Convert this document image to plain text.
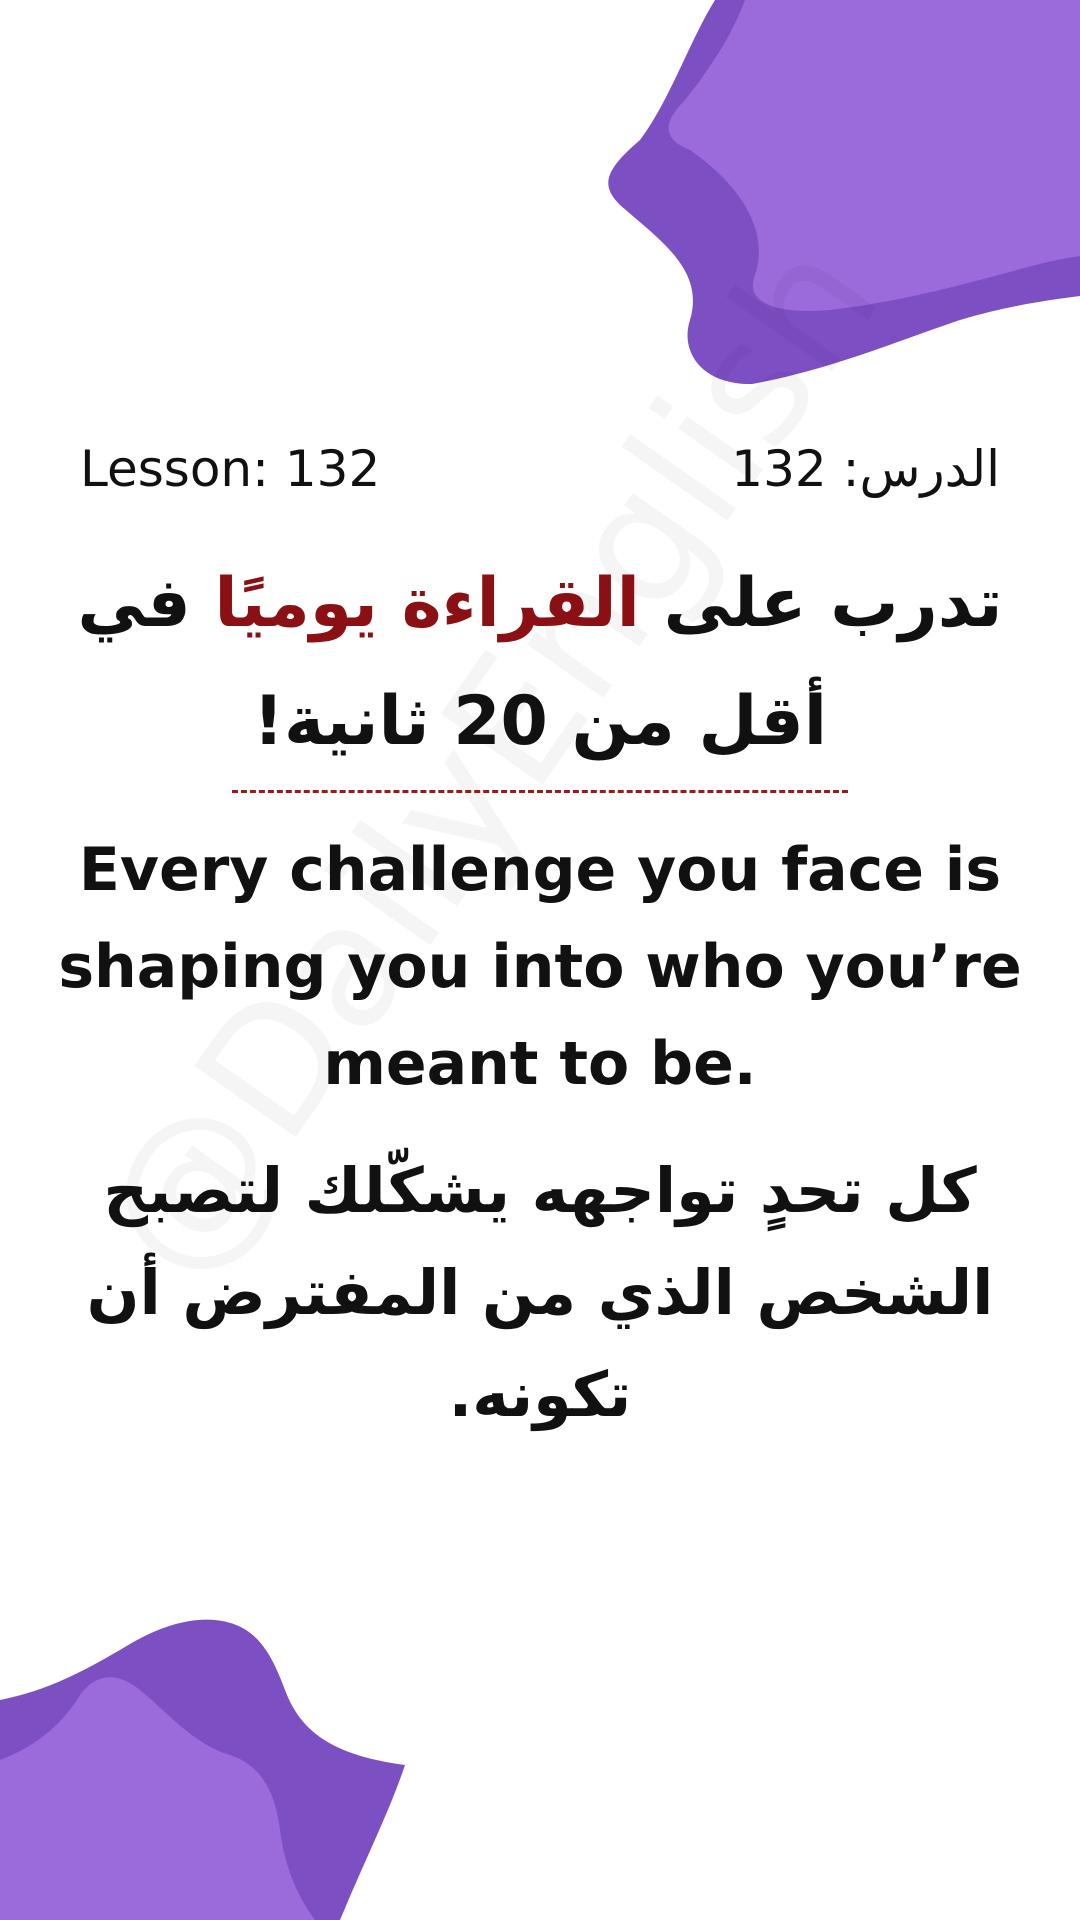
Lesson: 132	الدرس: 132
تدرب على القراءة يوميًا في أقل من 20 ثانية!
Every challenge you face is shaping you into who you’re meant to be.
كل تحدٍ تواجهه يشكّلك لتصبح الشخص الذي من المفترض أن تكونه.
